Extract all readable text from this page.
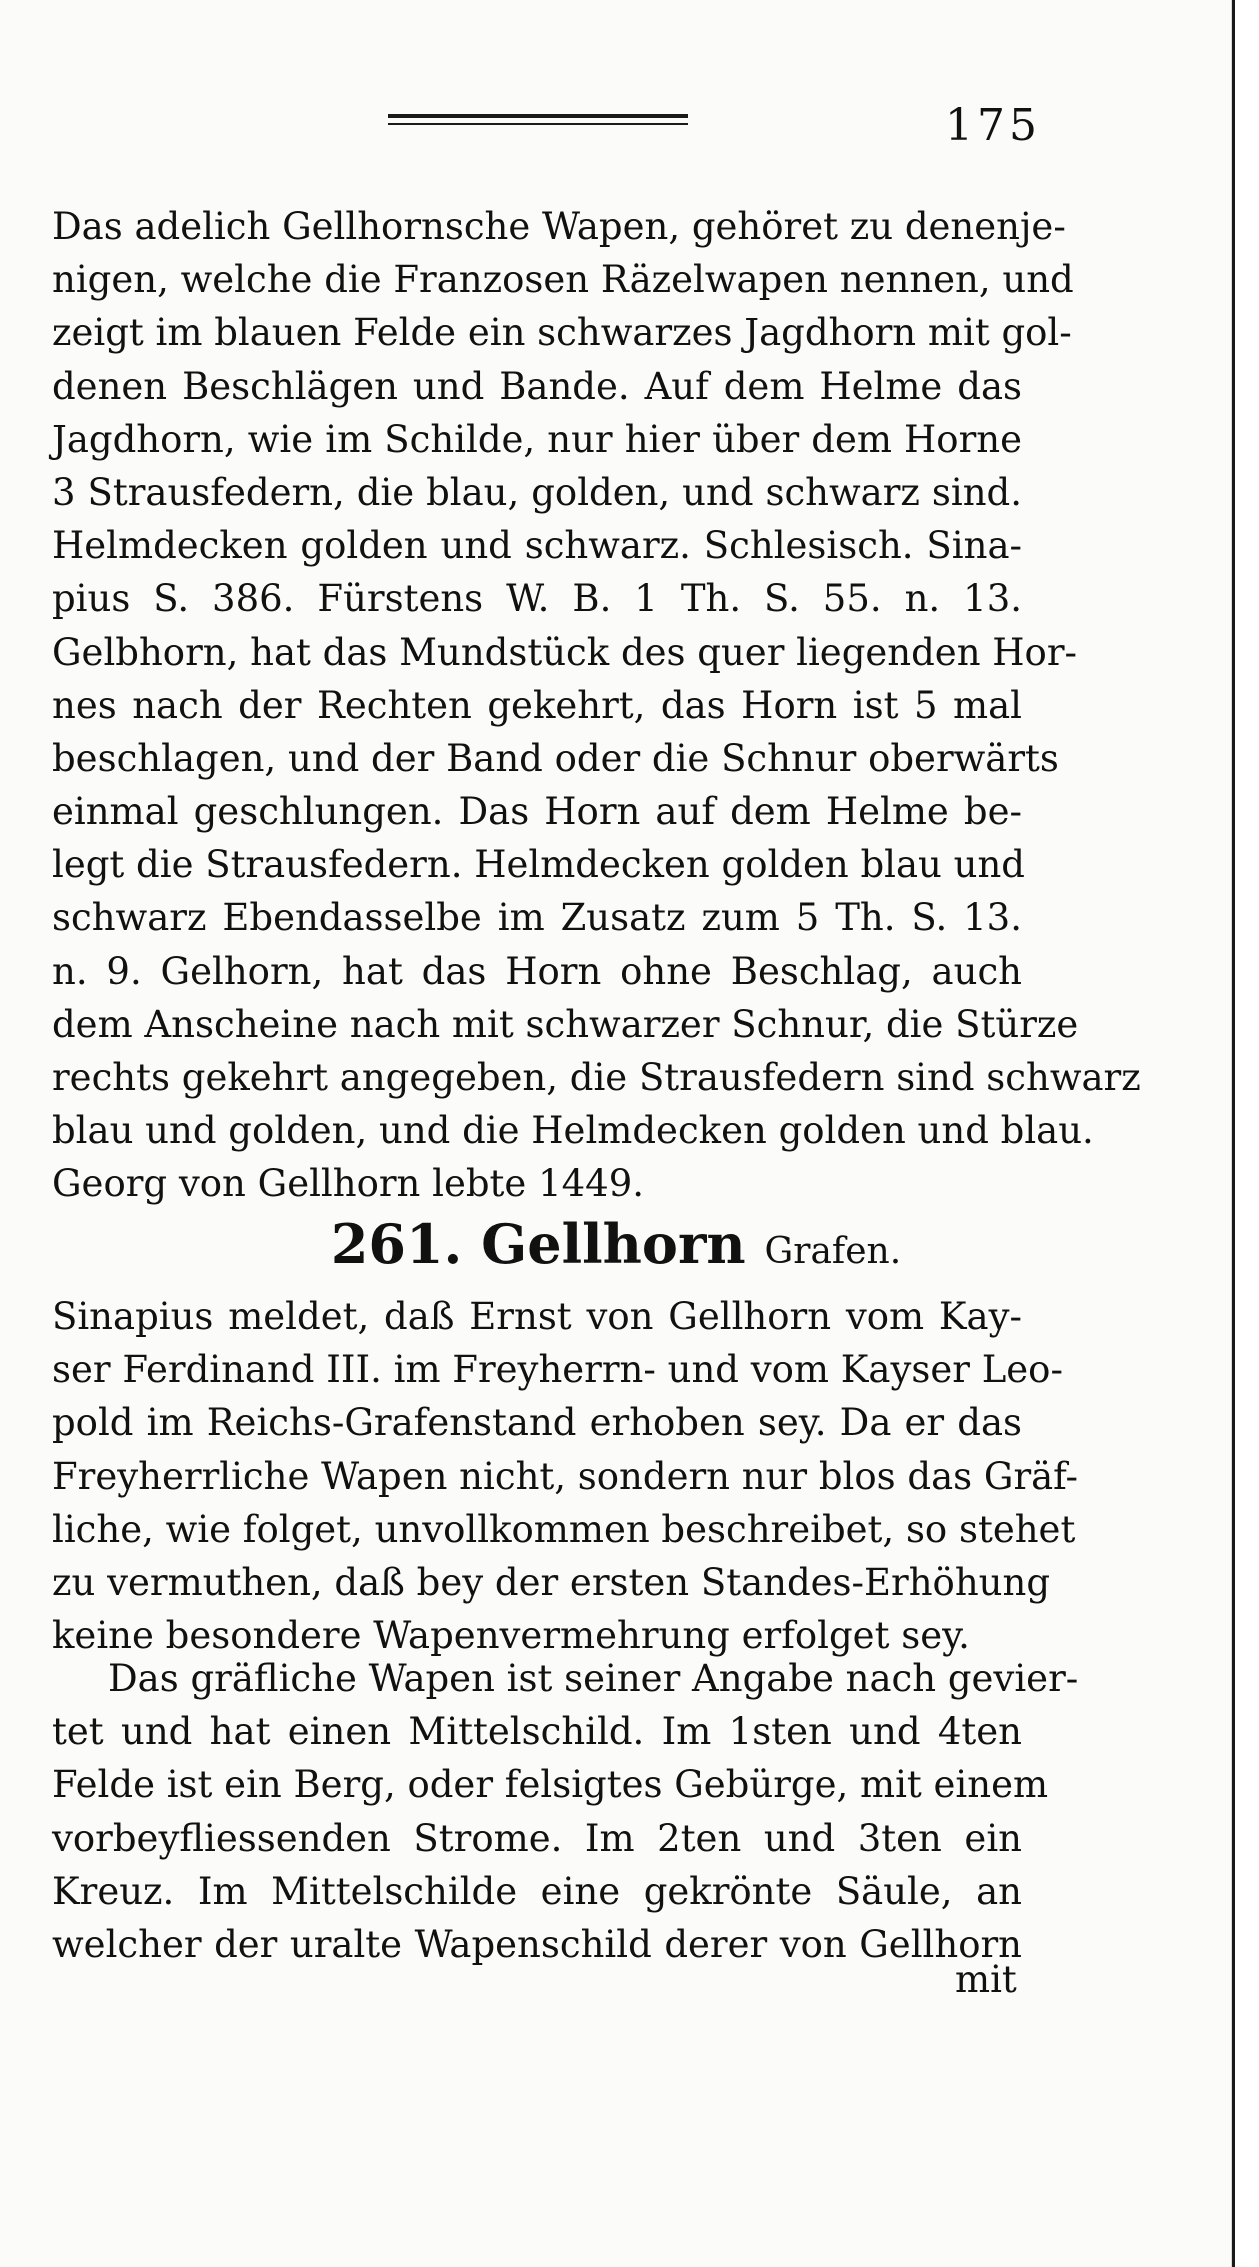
175
Das adelich Gellhornsche Wapen, gehöret zu denenje-
nigen, welche die Franzosen Räzelwapen nennen, und
zeigt im blauen Felde ein schwarzes Jagdhorn mit gol-
denen Beschlägen und Bande. Auf dem Helme das
Jagdhorn, wie im Schilde, nur hier über dem Horne
3 Strausfedern, die blau, golden, und schwarz sind.
Helmdecken golden und schwarz. Schlesisch. Sina-
pius S. 386. Fürstens W. B. 1 Th. S. 55. n. 13.
Gelbhorn, hat das Mundstück des quer liegenden Hor-
nes nach der Rechten gekehrt, das Horn ist 5 mal
beschlagen, und der Band oder die Schnur oberwärts
einmal geschlungen. Das Horn auf dem Helme be-
legt die Strausfedern. Helmdecken golden blau und
schwarz Ebendasselbe im Zusatz zum 5 Th. S. 13.
n. 9. Gelhorn, hat das Horn ohne Beschlag, auch
dem Anscheine nach mit schwarzer Schnur, die Stürze
rechts gekehrt angegeben, die Strausfedern sind schwarz
blau und golden, und die Helmdecken golden und blau.
Georg von Gellhorn lebte 1449.
261. Gellhorn Grafen.
Sinapius meldet, daß Ernst von Gellhorn vom Kay-
ser Ferdinand III. im Freyherrn- und vom Kayser Leo-
pold im Reichs-Grafenstand erhoben sey. Da er das
Freyherrliche Wapen nicht, sondern nur blos das Gräf-
liche, wie folget, unvollkommen beschreibet, so stehet
zu vermuthen, daß bey der ersten Standes-Erhöhung
keine besondere Wapenvermehrung erfolget sey.
Das gräfliche Wapen ist seiner Angabe nach gevier-
tet und hat einen Mittelschild. Im 1sten und 4ten
Felde ist ein Berg, oder felsigtes Gebürge, mit einem
vorbeyfliessenden Strome. Im 2ten und 3ten ein
Kreuz. Im Mittelschilde eine gekrönte Säule, an
welcher der uralte Wapenschild derer von Gellhorn
mit
